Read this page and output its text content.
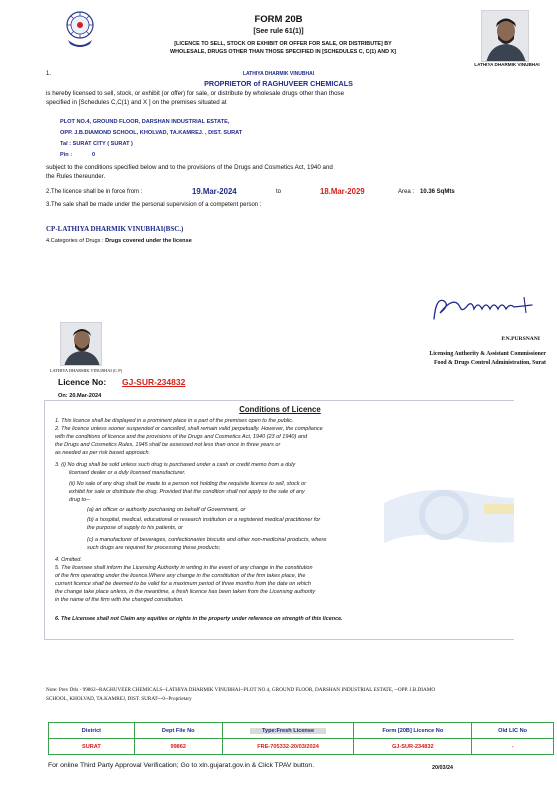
FORM 20B
[See rule 61(1)]
[LICENCE TO SELL, STOCK OR EXHIBIT OR OFFER FOR SALE, OR DISTRIBUTE] BY
WHOLESALE, DRUGS OTHER THAN THOSE SPECIFIED IN [SCHEDULES C, C(1) AND X]
LATHIYA DHARMIK VINUBHAI
1.	LATHIYA DHARMIK VINUBHAI
PROPRIETOR of RAGHUVEER CHEMICALS
is hereby licensed to sell, stock, or exhibit (or offer) for sale, or distribute by wholesale drugs other than those
specified in [Schedules C,C(1) and X ] on the premises situated at
PLOT NO.4, GROUND FLOOR, DARSHAN INDUSTRIAL ESTATE,
OPP. J.B.DIAMOND SCHOOL, KHOLVAD, TA.KAMREJ. , DIST. SURAT
Tal : SURAT CITY ( SURAT )
Pin :	0
subject to the conditions specified below and to the provisions of the Drugs and Cosmetics Act, 1940 and
the Rules thereunder.
2.The licence shall be in force from :	19.Mar-2024	to	18.Mar-2029	Area : 10.36 SqMts
3.The sale shall be made under the personal supervision of a competent person :
CP-LATHIYA DHARMIK VINUBHAI(BSC.)
4.Categories of Drugs : Drugs covered under the license
P.N.PURSNANI
Licensing Authority & Assistant Commissioner
Food & Drugs Control Administration, Surat
LATHIYA DHARMIK VINUBHAI (C.P)
Licence No: GJ-SUR-234832
On: 20.Mar-2024
Conditions of Licence
1. This licence shall be displayed in a prominent place in a part of the premises open to the public.
2. The licence unless sooner suspended or cancelled, shall remain valid perpetually. However, the compliance
with the conditions of licence and the provisions of the Drugs and Cosmetics Act, 1940 (23 of 1940) and
the Drugs and Cosmetics Rules, 1945 shall be assessed not less than once in three years or
as needed as per risk based approach.
3. (i) No drug shall be sold unless such drug is purchased under a cash or credit memo from a duly
licensed dealer or a duly licensed manufacturer.
(ii) No sale of any drug shall be made to a person not holding the requisite licence to sell, stock or
exhibit for sale or distribute the drug. Provided that the condition shall not apply to the sale of any
drug to--
(a) an officer or authority purchasing on behalf of Government, or
(b) a hospital, medical, educational or research institution or a registered medical practitioner for
the purpose of supply to his patients, or
(c) a manufacturer of beverages, confectionaries biscuits and other non-medicinal products, where
such drugs are required for processing these products;
4. Omitted.
5. The licensee shall inform the Licensing Authority in writing in the event of any change in the constitution
of the firm operating under the licence.Where any change in the constitution of the firm takes place, the
current licence shall be deemed to be valid for a maximum period of three months from the date on which
the change take place unless, in the meantime, a fresh licence has been taken from the Licensing authority
in the name of the firm with the changed constitution.
6. The Licensee shall not Claim any equities or rights in the property under reference on strength of this licence.
Note: Prev Dtls - 99862--RAGHUVEER CHEMICALS--LATHIYA DHARMIK VINUBHAI--PLOT NO.4, GROUND FLOOR, DARSHAN INDUSTRIAL ESTATE, --OPP. J.B.DIAMO
SCHOOL, KHOLVAD, TA.KAMREJ, DIST. SURAT---0--Proprietary
District	Dept File No	Type:Fresh License	Form [20B] Licence No	Old LIC No
SURAT	99862	FRE-705332-20/03/2024	GJ-SUR-234832	-
For online Third Party Approval Verification; Go to xln.gujarat.gov.in & Click TPAV button.	20/03/24
